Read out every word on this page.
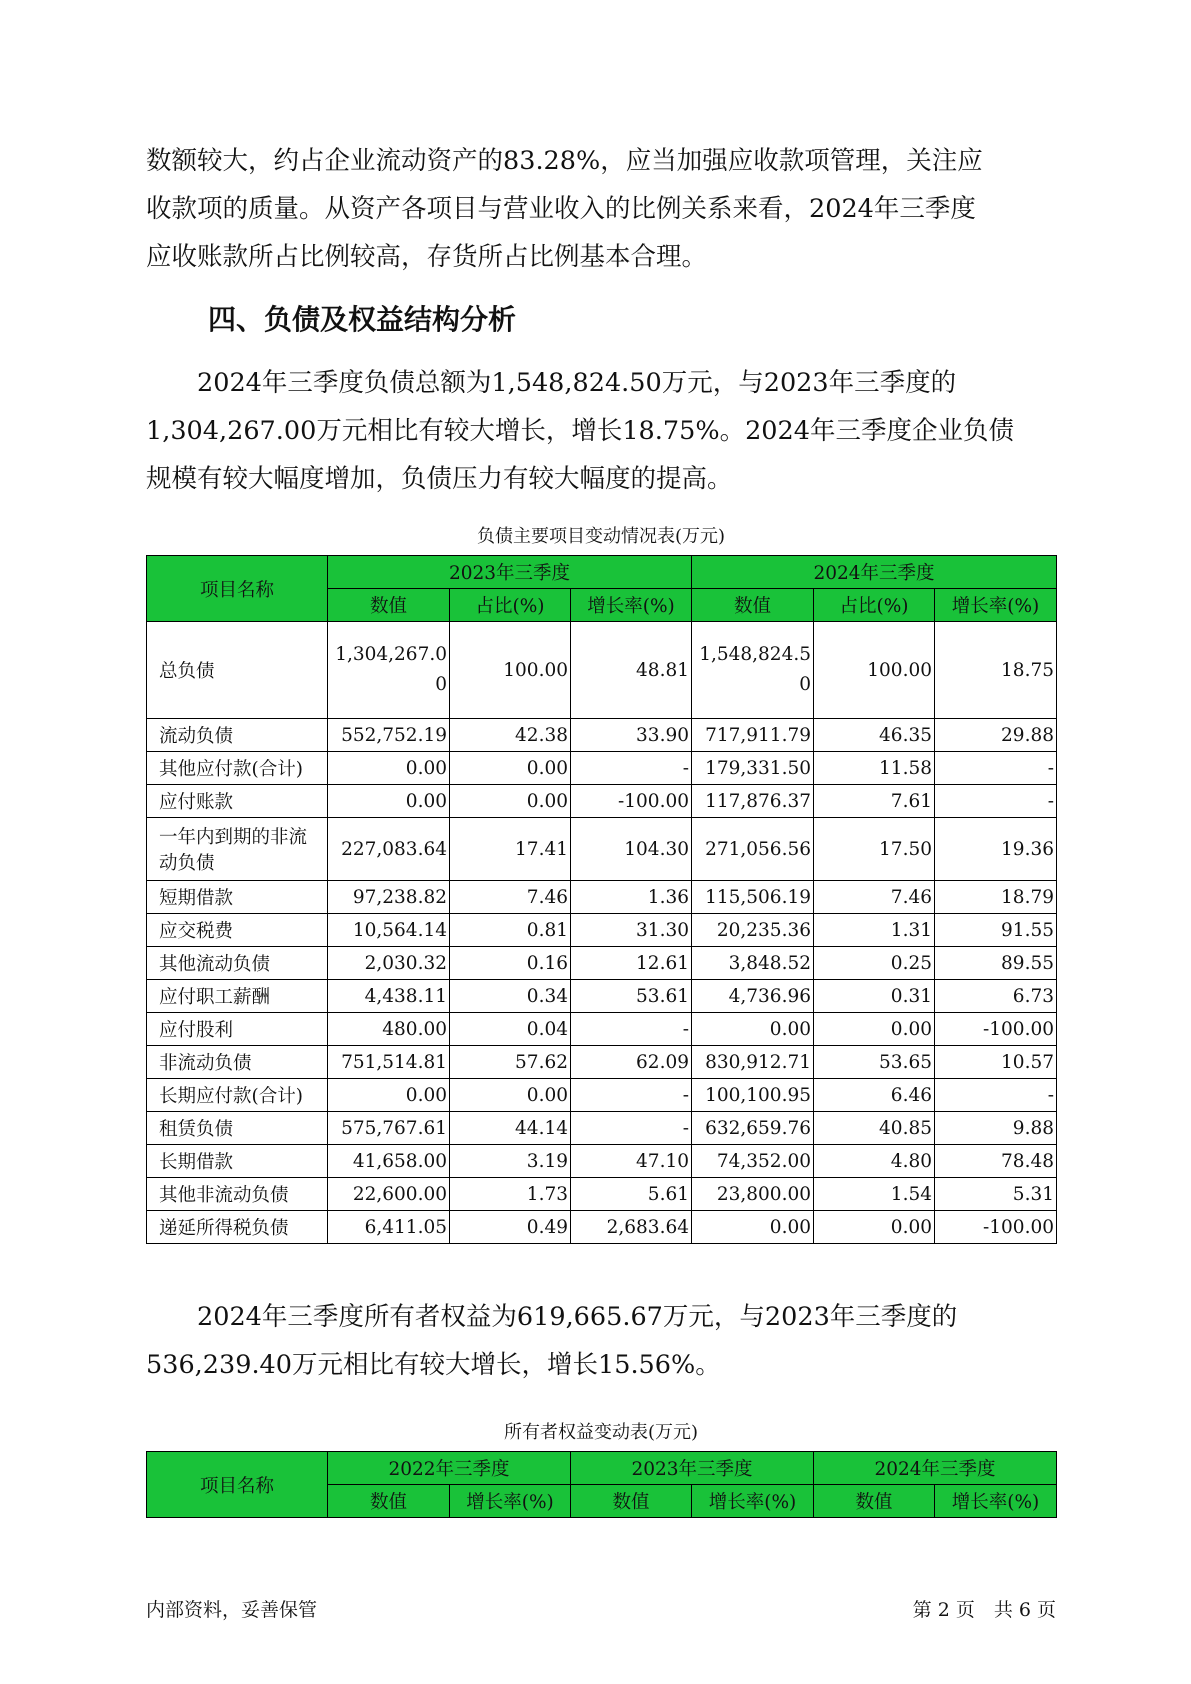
数额较大，约占企业流动资产的83.28%，应当加强应收款项管理，关注应
收款项的质量。从资产各项目与营业收入的比例关系来看，2024年三季度
应收账款所占比例较高，存货所占比例基本合理。
四、负债及权益结构分析
　　2024年三季度负债总额为1,548,824.50万元，与2023年三季度的
1,304,267.00万元相比有较大增长，增长18.75%。2024年三季度企业负债
规模有较大幅度增加，负债压力有较大幅度的提高。

负债主要项目变动情况表(万元)

项目名称	2023年三季度			2024年三季度		
	数值	占比(%)	增长率(%)	数值	占比(%)	增长率(%)
总负债	1,304,267.00	100.00	48.81	1,548,824.50	100.00	18.75
流动负债	552,752.19	42.38	33.90	717,911.79	46.35	29.88
其他应付款(合计)	0.00	0.00	-	179,331.50	11.58	-
应付账款	0.00	0.00	-100.00	117,876.37	7.61	-
一年内到期的非流动负债	227,083.64	17.41	104.30	271,056.56	17.50	19.36
短期借款	97,238.82	7.46	1.36	115,506.19	7.46	18.79
应交税费	10,564.14	0.81	31.30	20,235.36	1.31	91.55
其他流动负债	2,030.32	0.16	12.61	3,848.52	0.25	89.55
应付职工薪酬	4,438.11	0.34	53.61	4,736.96	0.31	6.73
应付股利	480.00	0.04	-	0.00	0.00	-100.00
非流动负债	751,514.81	57.62	62.09	830,912.71	53.65	10.57
长期应付款(合计)	0.00	0.00	-	100,100.95	6.46	-
租赁负债	575,767.61	44.14	-	632,659.76	40.85	9.88
长期借款	41,658.00	3.19	47.10	74,352.00	4.80	78.48
其他非流动负债	22,600.00	1.73	5.61	23,800.00	1.54	5.31
递延所得税负债	6,411.05	0.49	2,683.64	0.00	0.00	-100.00
　　2024年三季度所有者权益为619,665.67万元，与2023年三季度的
536,239.40万元相比有较大增长，增长15.56%。

所有者权益变动表(万元)

项目名称	2022年三季度		2023年三季度		2024年三季度	
	数值	增长率(%)	数值	增长率(%)	数值	增长率(%)

内部资料，妥善保管	第 2 页　共 6 页
